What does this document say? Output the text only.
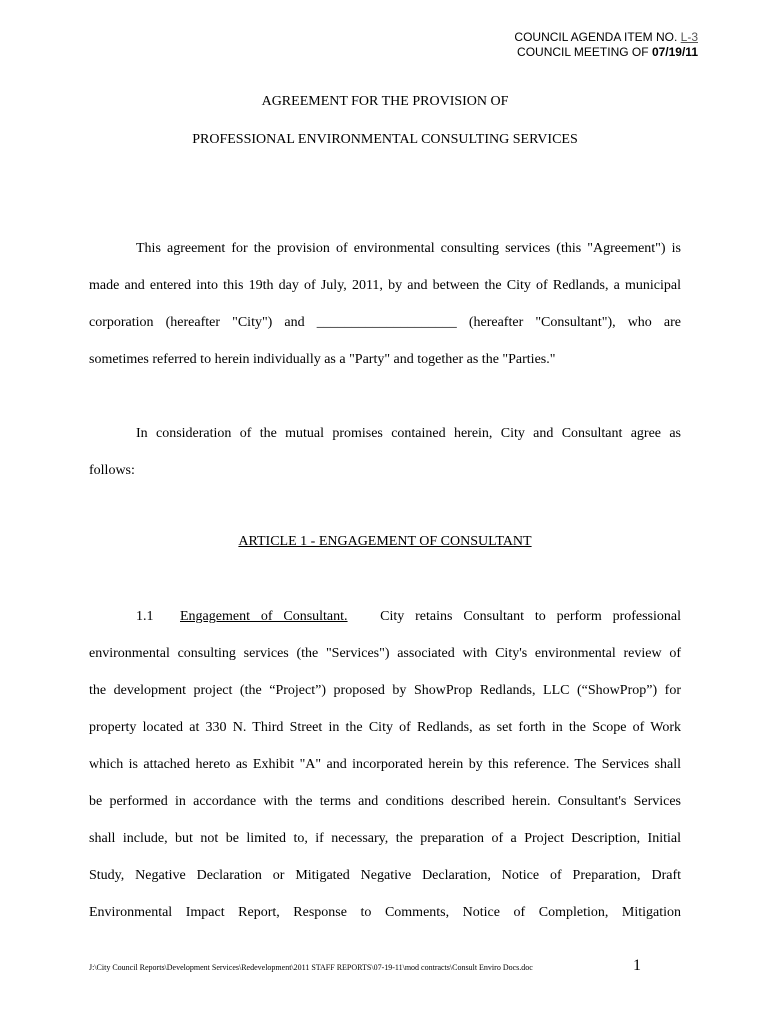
COUNCIL AGENDA ITEM NO. L-3
COUNCIL MEETING OF 07/19/11
AGREEMENT FOR THE PROVISION OF
PROFESSIONAL ENVIRONMENTAL CONSULTING SERVICES

This agreement for the provision of environmental consulting services (this "Agreement") is

made and entered into this 19th day of July, 2011, by and between the City of Redlands, a municipal

corporation (hereafter "City") and ____________________ (hereafter "Consultant"), who are

sometimes referred to herein individually as a "Party" and together as the "Parties."

In consideration of the mutual promises contained herein, City and Consultant agree as

follows:

ARTICLE 1 - ENGAGEMENT OF CONSULTANT

1.1 Engagement of Consultant. City retains Consultant to perform professional

environmental consulting services (the "Services") associated with City's environmental review of

the development project (the “Project”) proposed by ShowProp Redlands, LLC (“ShowProp”) for

property located at 330 N. Third Street in the City of Redlands, as set forth in the Scope of Work

which is attached hereto as Exhibit "A" and incorporated herein by this reference. The Services shall

be performed in accordance with the terms and conditions described herein. Consultant's Services

shall include, but not be limited to, if necessary, the preparation of a Project Description, Initial

Study, Negative Declaration or Mitigated Negative Declaration, Notice of Preparation, Draft

Environmental Impact Report, Response to Comments, Notice of Completion, Mitigation

J:\City Council Reports\Development Services\Redevelopment\2011 STAFF REPORTS\07-19-11\mod contracts\Consult Enviro Docs.doc	1
